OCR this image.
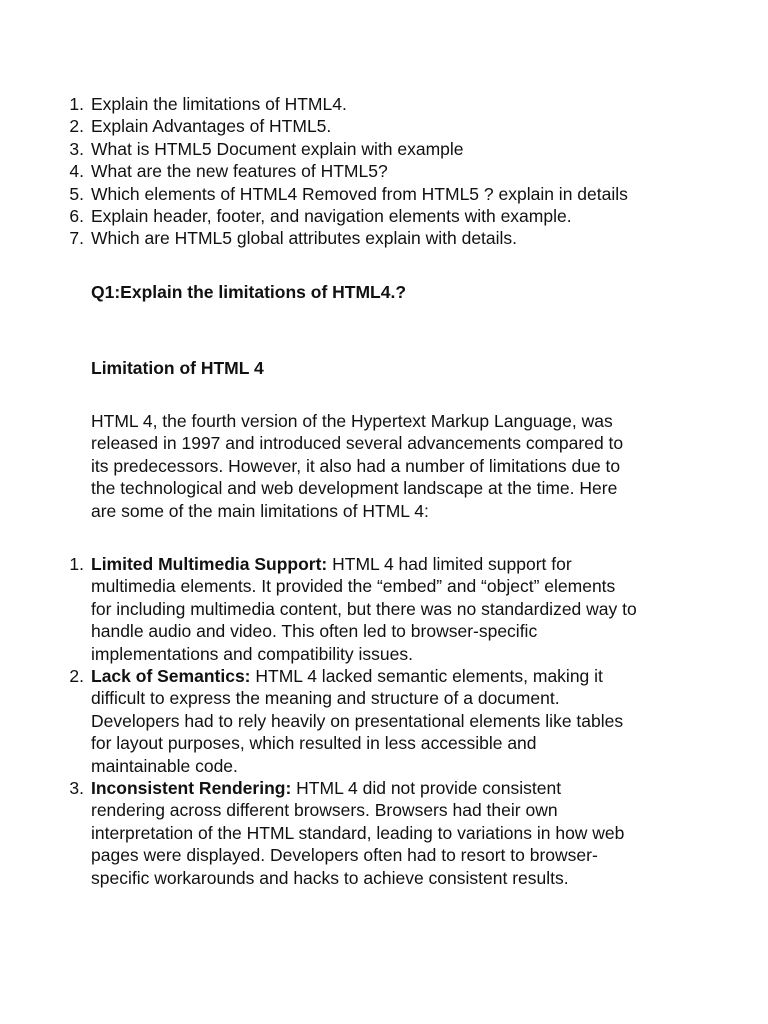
1. Explain the limitations of HTML4.
2. Explain Advantages of HTML5.
3. What is HTML5 Document explain with example
4. What are the new features of HTML5?
5. Which elements of HTML4 Removed from HTML5 ? explain in details
6. Explain header, footer, and navigation elements with example.
7. Which are HTML5 global attributes explain with details.
Q1:Explain the limitations of HTML4.?
Limitation of HTML 4

HTML 4, the fourth version of the Hypertext Markup Language, was
released in 1997 and introduced several advancements compared to
its predecessors. However, it also had a number of limitations due to
the technological and web development landscape at the time. Here
are some of the main limitations of HTML 4:

1. Limited Multimedia Support: HTML 4 had limited support for
multimedia elements. It provided the “embed” and “object” elements
for including multimedia content, but there was no standardized way to
handle audio and video. This often led to browser-specific
implementations and compatibility issues.
2. Lack of Semantics: HTML 4 lacked semantic elements, making it
difficult to express the meaning and structure of a document.
Developers had to rely heavily on presentational elements like tables
for layout purposes, which resulted in less accessible and
maintainable code.
3. Inconsistent Rendering: HTML 4 did not provide consistent
rendering across different browsers. Browsers had their own
interpretation of the HTML standard, leading to variations in how web
pages were displayed. Developers often had to resort to browser-
specific workarounds and hacks to achieve consistent results.
